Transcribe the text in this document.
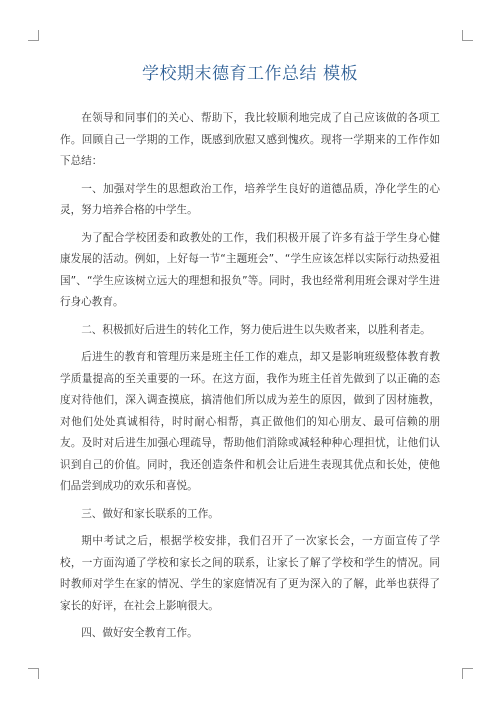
学校期末德育工作总结 模板

在领导和同事们的关心、帮助下，我比较顺利地完成了自己应该做的各项工作。回顾自己一学期的工作，既感到欣慰又感到愧疚。现将一学期来的工作作如下总结：

一、加强对学生的思想政治工作，培养学生良好的道德品质，净化学生的心灵，努力培养合格的中学生。

为了配合学校团委和政教处的工作，我们积极开展了许多有益于学生身心健康发展的活动。例如，上好每一节“主题班会”、“学生应该怎样以实际行动热爱祖国”、“学生应该树立远大的理想和报负”等。同时，我也经常利用班会课对学生进行身心教育。

二、积极抓好后进生的转化工作，努力使后进生以失败者来，以胜利者走。

后进生的教育和管理历来是班主任工作的难点，却又是影响班级整体教育教学质量提高的至关重要的一环。在这方面，我作为班主任首先做到了以正确的态度对待他们，深入调查摸底，搞清他们所以成为差生的原因，做到了因材施教，对他们处处真诚相待，时时耐心相帮，真正做他们的知心朋友、最可信赖的朋友。及时对后进生加强心理疏导，帮助他们消除或减轻种种心理担忧，让他们认识到自己的价值。同时，我还创造条件和机会让后进生表现其优点和长处，使他们品尝到成功的欢乐和喜悦。

三、做好和家长联系的工作。

期中考试之后，根据学校安排，我们召开了一次家长会，一方面宣传了学校，一方面沟通了学校和家长之间的联系，让家长了解了学校和学生的情况。同时教师对学生在家的情况、学生的家庭情况有了更为深入的了解，此举也获得了家长的好评，在社会上影响很大。

四、做好安全教育工作。
